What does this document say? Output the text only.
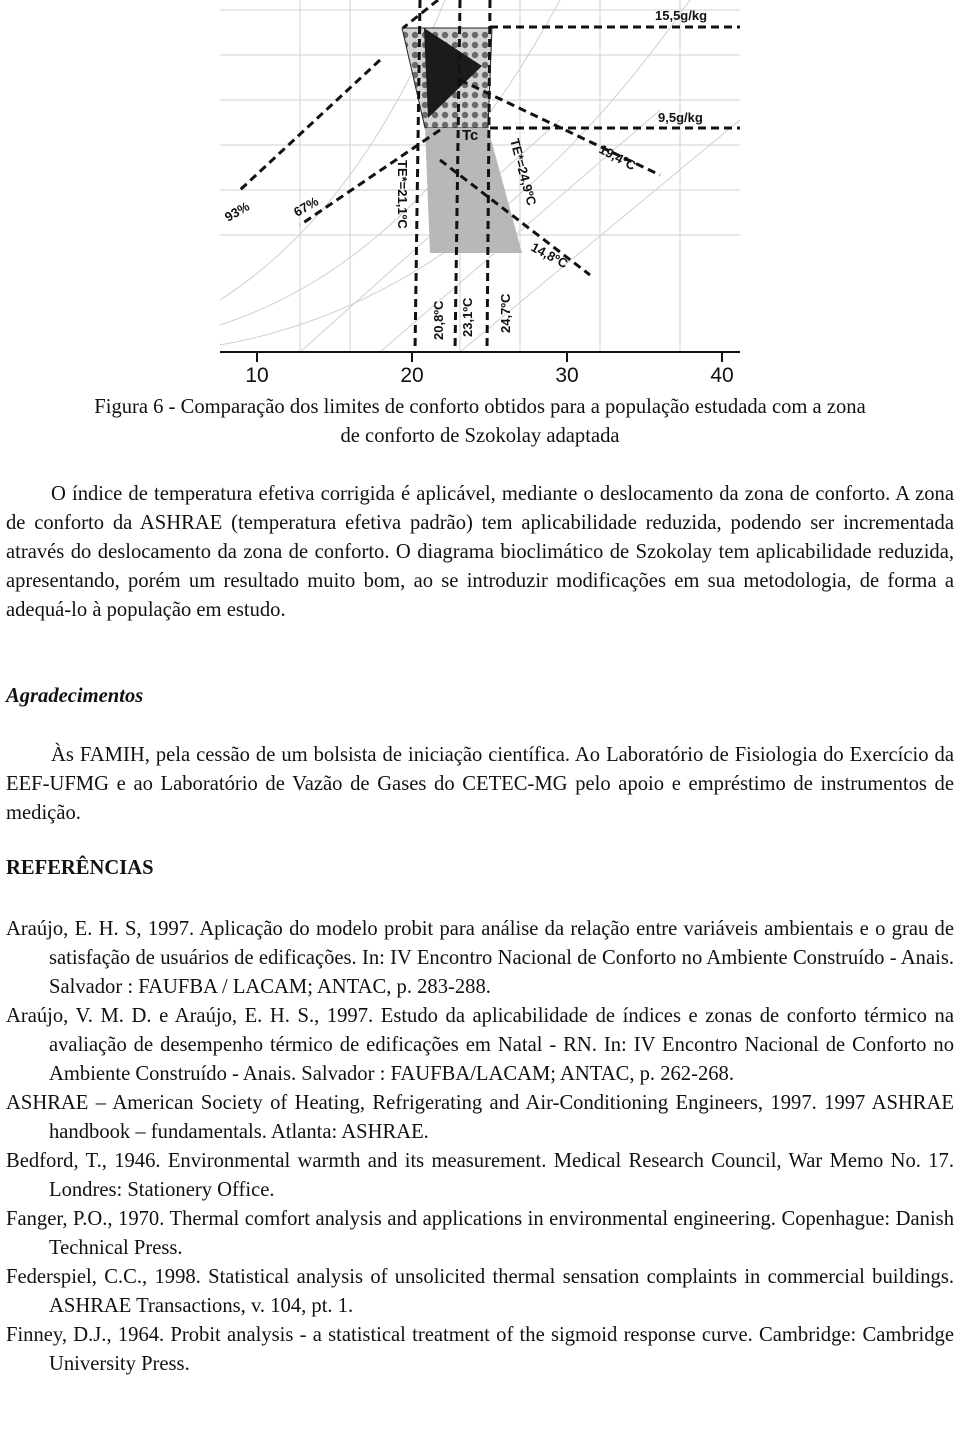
10	20	30	40
15,5g/kg
9,5g/kg
Tc
TE*=21,1ºC	TE*=24,9ºC	19,4ºC
14,8ºC
93%	67%
20,8ºC 23,1ºC 24,7ºC
Figura 6 - Comparação dos limites de conforto obtidos para a população estudada com a zona
de conforto de Szokolay adaptada
O índice de temperatura efetiva corrigida é aplicável, mediante o deslocamento da zona de conforto. A zona de conforto da ASHRAE (temperatura efetiva padrão) tem aplicabilidade reduzida, podendo ser incrementada através do deslocamento da zona de conforto. O diagrama bioclimático de Szokolay tem aplicabilidade reduzida, apresentando, porém um resultado muito bom, ao se introduzir modificações em sua metodologia, de forma a adequá-lo à população em estudo.
Agradecimentos
Às FAMIH, pela cessão de um bolsista de iniciação científica. Ao Laboratório de Fisiologia do Exercício da EEF-UFMG e ao Laboratório de Vazão de Gases do CETEC-MG pelo apoio e empréstimo de instrumentos de medição.
REFERÊNCIAS

Araújo, E. H. S, 1997. Aplicação do modelo probit para análise da relação entre variáveis ambientais e o grau de satisfação de usuários de edificações. In: IV Encontro Nacional de Conforto no Ambiente Construído - Anais. Salvador : FAUFBA / LACAM; ANTAC, p. 283-288.

Araújo, V. M. D. e Araújo, E. H. S., 1997. Estudo da aplicabilidade de índices e zonas de conforto térmico na avaliação de desempenho térmico de edificações em Natal - RN. In: IV Encontro Nacional de Conforto no Ambiente Construído - Anais. Salvador : FAUFBA/LACAM; ANTAC, p. 262-268.

ASHRAE – American Society of Heating, Refrigerating and Air-Conditioning Engineers, 1997. 1997 ASHRAE handbook – fundamentals. Atlanta: ASHRAE.

Bedford, T., 1946. Environmental warmth and its measurement. Medical Research Council, War Memo No. 17. Londres: Stationery Office.

Fanger, P.O., 1970. Thermal comfort analysis and applications in environmental engineering. Copenhague: Danish Technical Press.

Federspiel, C.C., 1998. Statistical analysis of unsolicited thermal sensation complaints in commercial buildings. ASHRAE Transactions, v. 104, pt. 1.

Finney, D.J., 1964. Probit analysis - a statistical treatment of the sigmoid response curve. Cambridge: Cambridge University Press.
